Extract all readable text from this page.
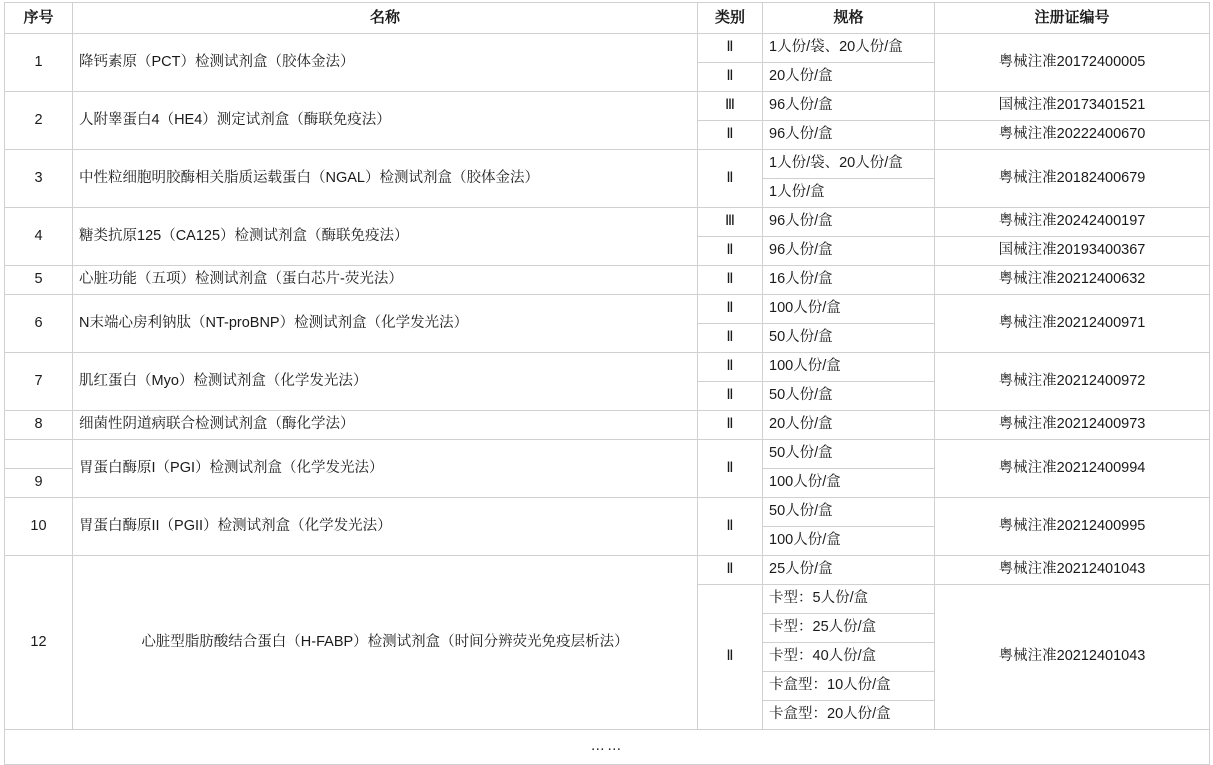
序号	名称	类别	规格	注册证编号
1	降钙素原（PCT）检测试剂盒（胶体金法）	Ⅱ	1人份/袋、20人份/盒	粤械注准20172400005
		Ⅱ	20人份/盒	
2	人附睾蛋白4（HE4）测定试剂盒（酶联免疫法）	Ⅲ	96人份/盒	国械注准20173401521
		Ⅱ	96人份/盒	粤械注准20222400670
3	中性粒细胞明胶酶相关脂质运载蛋白（NGAL）检测试剂盒（胶体金法）	Ⅱ	1人份/袋、20人份/盒	粤械注准20182400679
			1人份/盒	
4	糖类抗原125（CA125）检测试剂盒（酶联免疫法）	Ⅲ	96人份/盒	粤械注准20242400197
		Ⅱ	96人份/盒	国械注准20193400367
5	心脏功能（五项）检测试剂盒（蛋白芯片-荧光法）	Ⅱ	16人份/盒	粤械注准20212400632
6	N末端心房利钠肽（NT-proBNP）检测试剂盒（化学发光法）	Ⅱ	100人份/盒	粤械注准20212400971
		Ⅱ	50人份/盒	
7	肌红蛋白（Myo）检测试剂盒（化学发光法）	Ⅱ	100人份/盒	粤械注准20212400972
		Ⅱ	50人份/盒	
8	细菌性阴道病联合检测试剂盒（酶化学法）	Ⅱ	20人份/盒	粤械注准20212400973
	胃蛋白酶原I（PGI）检测试剂盒（化学发光法）	Ⅱ	50人份/盒	粤械注准20212400994
9			100人份/盒	
10	胃蛋白酶原II（PGII）检测试剂盒（化学发光法）	Ⅱ	50人份/盒	粤械注准20212400995
			100人份/盒	
12	心脏型脂肪酸结合蛋白（H-FABP）检测试剂盒（时间分辨荧光免疫层析法）	Ⅱ	25人份/盒	粤械注准20212401043
		Ⅱ	卡型：5人份/盒	粤械注准20212401043
			卡型：25人份/盒	
			卡型：40人份/盒	
			卡盒型：10人份/盒	
			卡盒型：20人份/盒	
……				
